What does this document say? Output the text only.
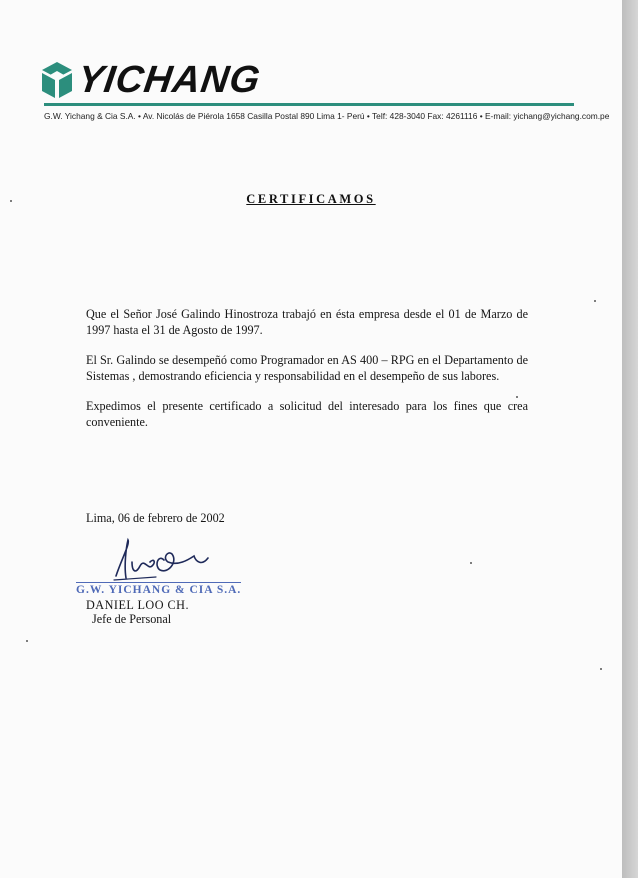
YICHANG

G.W. Yichang & Cia S.A. • Av. Nicolás de Piérola 1658 Casilla Postal 890 Lima 1- Perú • Telf: 428-3040 Fax: 4261116 • E-mail: yichang@yichang.com.pe

CERTIFICAMOS

Que el Señor José Galindo Hinostroza trabajó en ésta empresa desde el 01 de Marzo de 1997 hasta el 31 de Agosto de 1997.

El Sr. Galindo se desempeñó como Programador en AS 400 – RPG en el Departamento de Sistemas , demostrando eficiencia y responsabilidad en el desempeño de sus labores.

Expedimos el presente certificado a solicitud del interesado para los fines que crea conveniente.

Lima, 06 de febrero de 2002

G.W. YICHANG & CIA S.A.

DANIEL LOO CH.

Jefe de Personal
